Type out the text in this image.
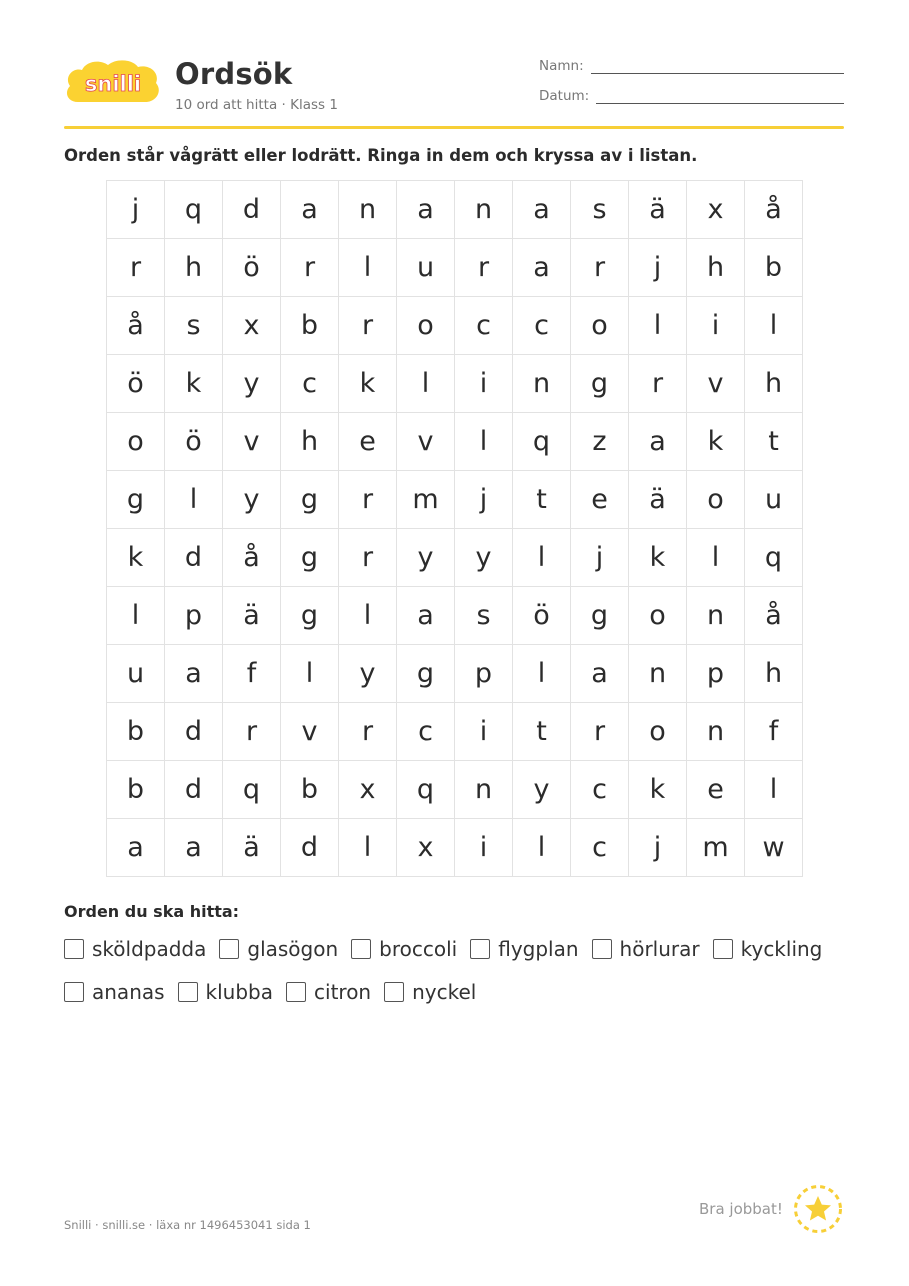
snilli Ordsök
10 ord att hitta · Klass 1
Namn:
Datum:
Orden står vågrätt eller lodrätt. Ringa in dem och kryssa av i listan.
j	q	d	a	n	a	n	a	s	ä	x	å
r	h	ö	r	l	u	r	a	r	j	h	b
å	s	x	b	r	o	c	c	o	l	i	l
ö	k	y	c	k	l	i	n	g	r	v	h
o	ö	v	h	e	v	l	q	z	a	k	t
g	l	y	g	r	m	j	t	e	ä	o	u
k	d	å	g	r	y	y	l	j	k	l	q
l	p	ä	g	l	a	s	ö	g	o	n	å
u	a	f	l	y	g	p	l	a	n	p	h
b	d	r	v	r	c	i	t	r	o	n	f
b	d	q	b	x	q	n	y	c	k	e	l
a	a	ä	d	l	x	i	l	c	j	m	w
Orden du ska hitta:
sköldpadda glasögon broccoli flygplan hörlurar kyckling
ananas klubba citron nyckel
Snilli · snilli.se · läxa nr 1496453041 sida 1
Bra jobbat!
